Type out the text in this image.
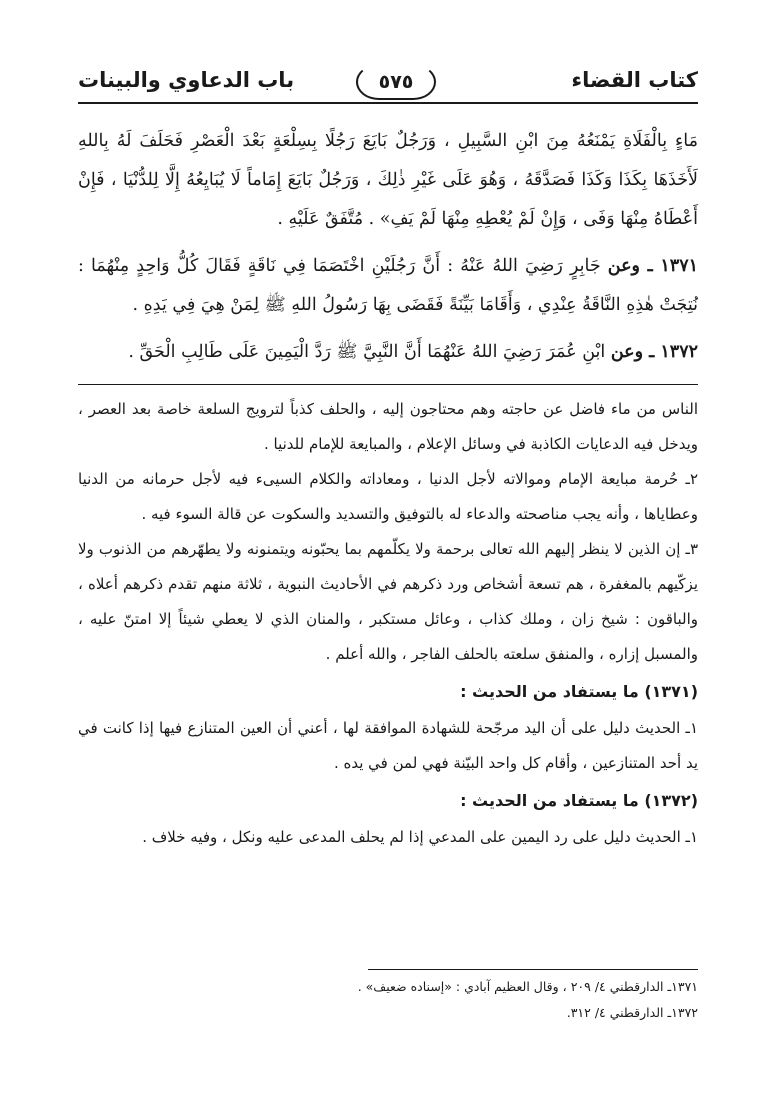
كتاب القضاء
٥٧٥
باب الدعاوي والبينات

مَاءٍ بِالْفَلَاةِ يَمْنَعُهُ مِنَ ابْنِ السَّبِيلِ ، وَرَجُلٌ بَايَعَ رَجُلًا بِسِلْعَةٍ بَعْدَ الْعَصْرِ فَحَلَفَ لَهُ بِاللهِ لَأَخَذَهَا بِكَذَا وَكَذَا فَصَدَّقَهُ ، وَهُوَ عَلَى غَيْرِ ذٰلِكَ ، وَرَجُلٌ بَايَعَ إِمَاماً لَا يُبَايِعُهُ إِلَّا لِلدُّنْيَا ، فَإِنْ أَعْطَاهُ مِنْهَا وَفَى ، وَإِنْ لَمْ يُعْطِهِ مِنْهَا لَمْ يَفِ» . مُتَّفَقٌ عَلَيْهِ .

١٣٧١ ـ وعن جَابِرٍ رَضِيَ اللهُ عَنْهُ : أَنَّ رَجُلَيْنِ اخْتَصَمَا فِي نَاقَةٍ فَقَالَ كُلُّ وَاحِدٍ مِنْهُمَا : نُتِجَتْ هٰذِهِ النَّاقَةُ عِنْدِي ، وَأَقَامَا بَيِّنَةً فَقَضَى بِهَا رَسُولُ اللهِ ﷺ لِمَنْ هِيَ فِي يَدِهِ .

١٣٧٢ ـ وعن ابْنِ عُمَرَ رَضِيَ اللهُ عَنْهُمَا أَنَّ النَّبِيَّ ﷺ رَدَّ الْيَمِينَ عَلَى طَالِبِ الْحَقِّ .

الناس من ماء فاضل عن حاجته وهم محتاجون إليه ، والحلف كذباً لترويج السلعة خاصة بعد العصر ، ويدخل فيه الدعايات الكاذبة في وسائل الإعلام ، والمبايعة للإمام للدنيا .

٢ـ حُرمة مبايعة الإمام وموالاته لأجل الدنيا ، ومعاداته والكلام السيىء فيه لأجل حرمانه من الدنيا وعطاياها ، وأنه يجب مناصحته والدعاء له بالتوفيق والتسديد والسكوت عن قالة السوء فيه .

٣ـ إن الذين لا ينظر إليهم الله تعالى برحمة ولا يكلّمهم بما يحبّونه ويتمنونه ولا يطهّرهم من الذنوب ولا يزكّيهم بالمغفرة ، هم تسعة أشخاص ورد ذكرهم في الأحاديث النبوية ، ثلاثة منهم تقدم ذكرهم أعلاه ، والباقون : شيخ زان ، وملك كذاب ، وعائل مستكبر ، والمنان الذي لا يعطي شيئاً إلا امتنّ عليه ، والمسبل إزاره ، والمنفق سلعته بالحلف الفاجر ، والله أعلم .

(١٣٧١) ما يستفاد من الحديث :

١ـ الحديث دليل على أن اليد مرجّحة للشهادة الموافقة لها ، أعني أن العين المتنازع فيها إذا كانت في يد أحد المتنازعين ، وأقام كل واحد البيّنة فهي لمن في يده .

(١٣٧٢) ما يستفاد من الحديث :

١ـ الحديث دليل على رد اليمين على المدعي إذا لم يحلف المدعى عليه ونكل ، وفيه خلاف .

١٣٧١ـ الدارقطني ٤/ ٢٠٩ ، وقال العظيم آبادي : «إسناده ضعيف» .

١٣٧٢ـ الدارقطني ٤/ ٣١٢.
